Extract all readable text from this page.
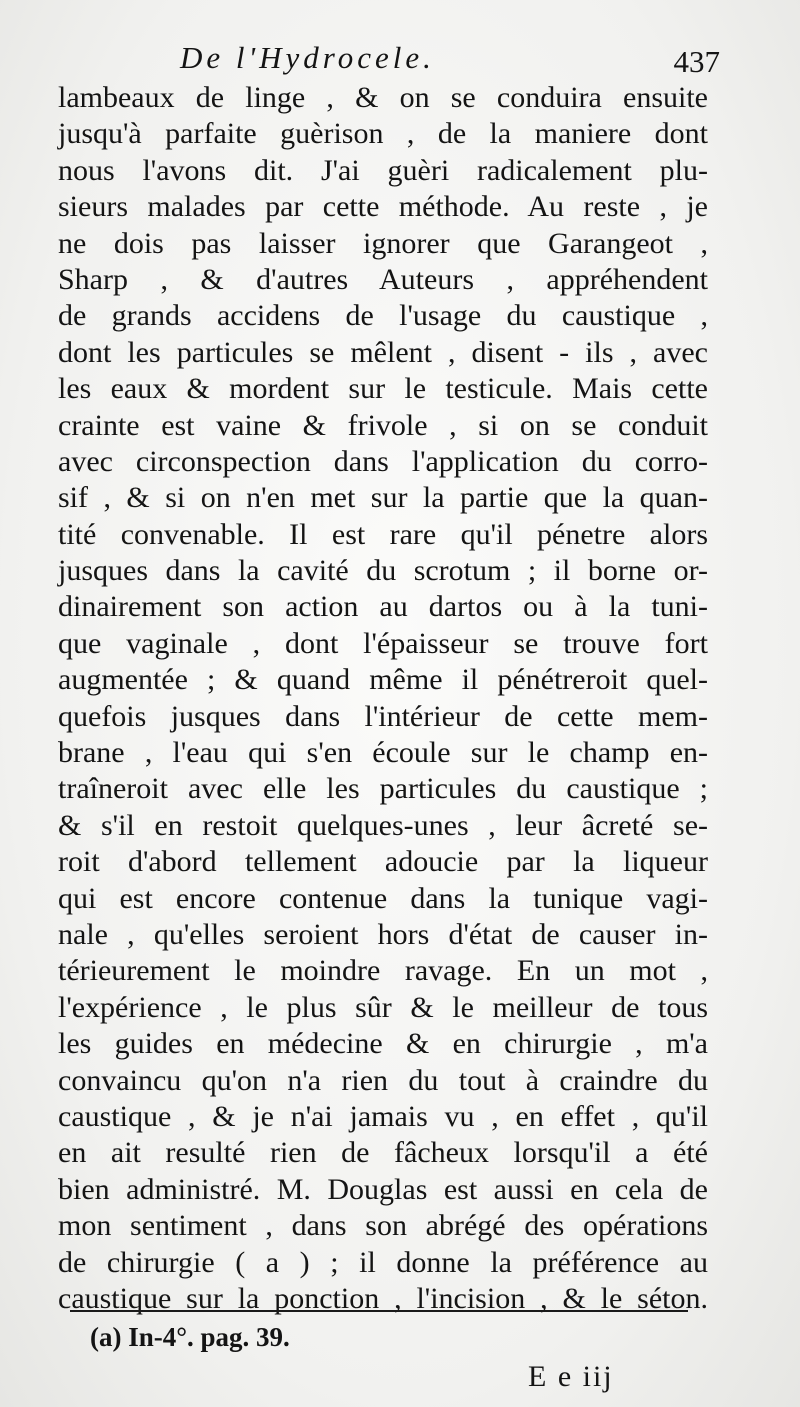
De l'Hydrocele.	437
lambeaux de linge , & on se conduira ensuite
jusqu'à parfaite guèrison , de la maniere dont
nous l'avons dit. J'ai guèri radicalement plu-
sieurs malades par cette méthode. Au reste , je
ne dois pas laisser ignorer que Garangeot ,
Sharp , & d'autres Auteurs , appréhendent
de grands accidens de l'usage du caustique ,
dont les particules se mêlent , disent - ils , avec
les eaux & mordent sur le testicule. Mais cette
crainte est vaine & frivole , si on se conduit
avec circonspection dans l'application du corro-
sif , & si on n'en met sur la partie que la quan-
tité convenable. Il est rare qu'il pénetre alors
jusques dans la cavité du scrotum ; il borne or-
dinairement son action au dartos ou à la tuni-
que vaginale , dont l'épaisseur se trouve fort
augmentée ; & quand même il pénétreroit quel-
quefois jusques dans l'intérieur de cette mem-
brane , l'eau qui s'en écoule sur le champ en-
traîneroit avec elle les particules du caustique ;
& s'il en restoit quelques-unes , leur âcreté se-
roit d'abord tellement adoucie par la liqueur
qui est encore contenue dans la tunique vagi-
nale , qu'elles seroient hors d'état de causer in-
térieurement le moindre ravage. En un mot ,
l'expérience , le plus sûr & le meilleur de tous
les guides en médecine & en chirurgie , m'a
convaincu qu'on n'a rien du tout à craindre du
caustique , & je n'ai jamais vu , en effet , qu'il
en ait resulté rien de fâcheux lorsqu'il a été
bien administré. M. Douglas est aussi en cela de
mon sentiment , dans son abrégé des opérations
de chirurgie ( a ) ; il donne la préférence au
caustique sur la ponction , l'incision , & le séton.
(a) In-4°. pag. 39.
E e iij
